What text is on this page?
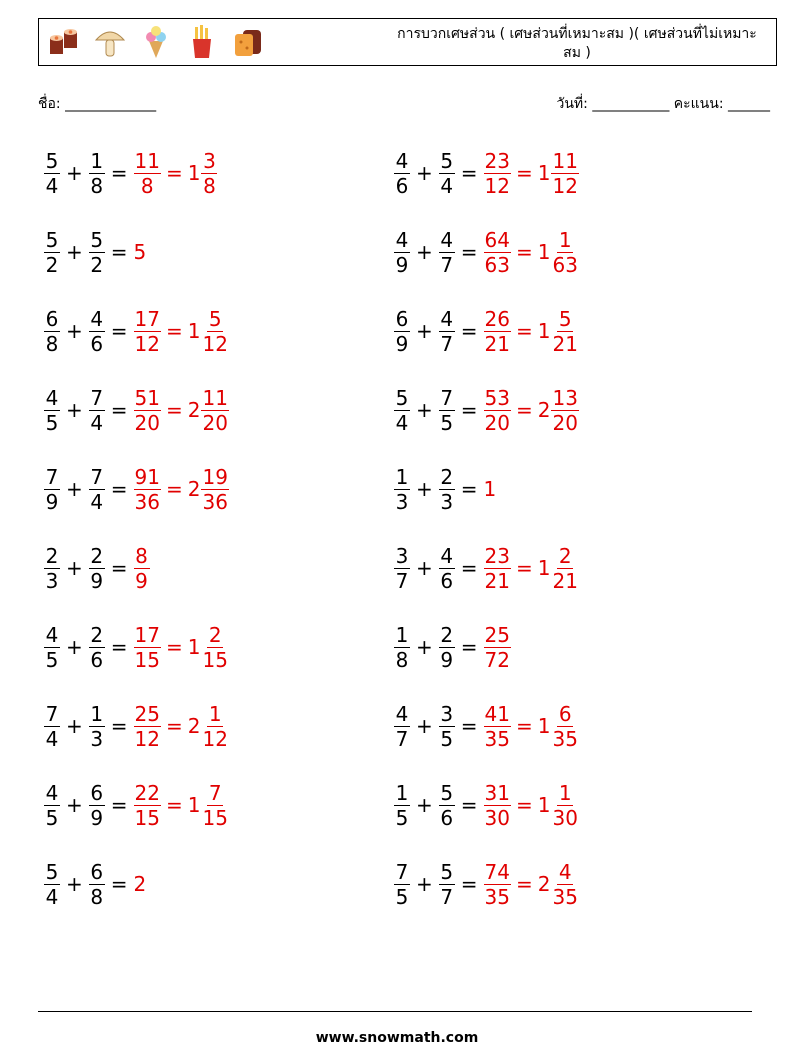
การบวกเศษส่วน ( เศษส่วนที่เหมาะสม )( เศษส่วนที่ไม่เหมาะสม )
ชื่อ: _____________	วันที่: ___________ คะแนน: ______
$\frac{5}{4} + \frac{1}{8} = \frac{11}{8} = 1 \frac{3}{8}$
$\frac{5}{2} + \frac{5}{2} = 5$
$\frac{6}{8} + \frac{4}{6} = \frac{17}{12} = 1 \frac{5}{12}$
$\frac{4}{5} + \frac{7}{4} = \frac{51}{20} = 2 \frac{11}{20}$
$\frac{7}{9} + \frac{7}{4} = \frac{91}{36} = 2 \frac{19}{36}$
$\frac{2}{3} + \frac{2}{9} = \frac{8}{9}$
$\frac{4}{5} + \frac{2}{6} = \frac{17}{15} = 1 \frac{2}{15}$
$\frac{7}{4} + \frac{1}{3} = \frac{25}{12} = 2 \frac{1}{12}$
$\frac{4}{5} + \frac{6}{9} = \frac{22}{15} = 1 \frac{7}{15}$
$\frac{5}{4} + \frac{6}{8} = 2$
$\frac{4}{6} + \frac{5}{4} = \frac{23}{12} = 1 \frac{11}{12}$
$\frac{4}{9} + \frac{4}{7} = \frac{64}{63} = 1 \frac{1}{63}$
$\frac{6}{9} + \frac{4}{7} = \frac{26}{21} = 1 \frac{5}{21}$
$\frac{5}{4} + \frac{7}{5} = \frac{53}{20} = 2 \frac{13}{20}$
$\frac{1}{3} + \frac{2}{3} = 1$
$\frac{3}{7} + \frac{4}{6} = \frac{23}{21} = 1 \frac{2}{21}$
$\frac{1}{8} + \frac{2}{9} = \frac{25}{72}$
$\frac{4}{7} + \frac{3}{5} = \frac{41}{35} = 1 \frac{6}{35}$
$\frac{1}{5} + \frac{5}{6} = \frac{31}{30} = 1 \frac{1}{30}$
$\frac{7}{5} + \frac{5}{7} = \frac{74}{35} = 2 \frac{4}{35}$
www.snowmath.com
